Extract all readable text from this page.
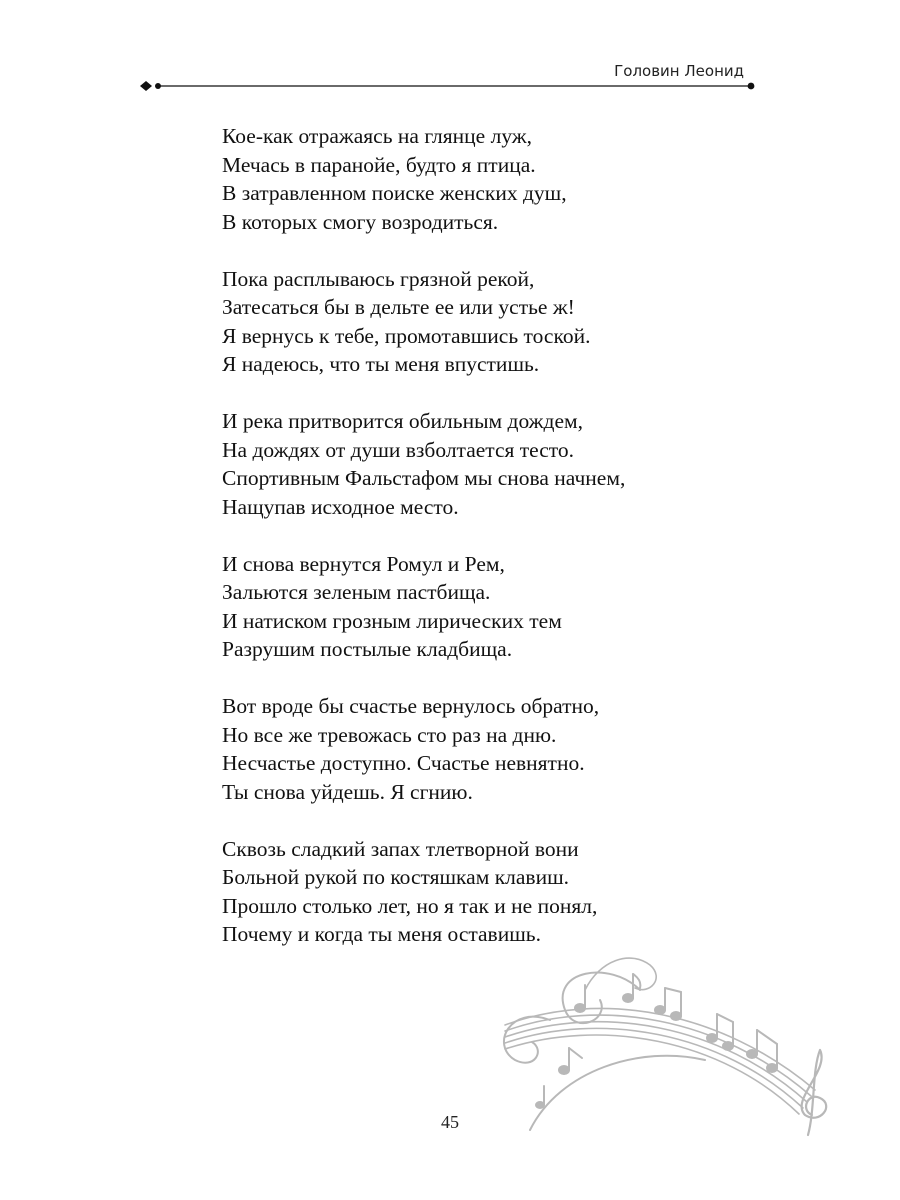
Головин Леонид
Кое-как отражаясь на глянце луж,
Мечась в паранойе, будто я птица.
В затравленном поиске женских душ,
В которых смогу возродиться.
Пока расплываюсь грязной рекой,
Затесаться бы в дельте ее или устье ж!
Я вернусь к тебе, промотавшись тоской.
Я надеюсь, что ты меня впустишь.
И река притворится обильным дождем,
На дождях от души взболтается тесто.
Спортивным Фальстафом мы снова начнем,
Нащупав исходное место.
И снова вернутся Ромул и Рем,
Зальются зеленым пастбища.
И натиском грозным лирических тем
Разрушим постылые кладбища.
Вот вроде бы счастье вернулось обратно,
Но все же тревожась сто раз на дню.
Несчастье доступно. Счастье невнятно.
Ты снова уйдешь. Я сгнию.
Сквозь сладкий запах тлетворной вони
Больной рукой по костяшкам клавиш.
Прошло столько лет, но я так и не понял,
Почему и когда ты меня оставишь.
45
